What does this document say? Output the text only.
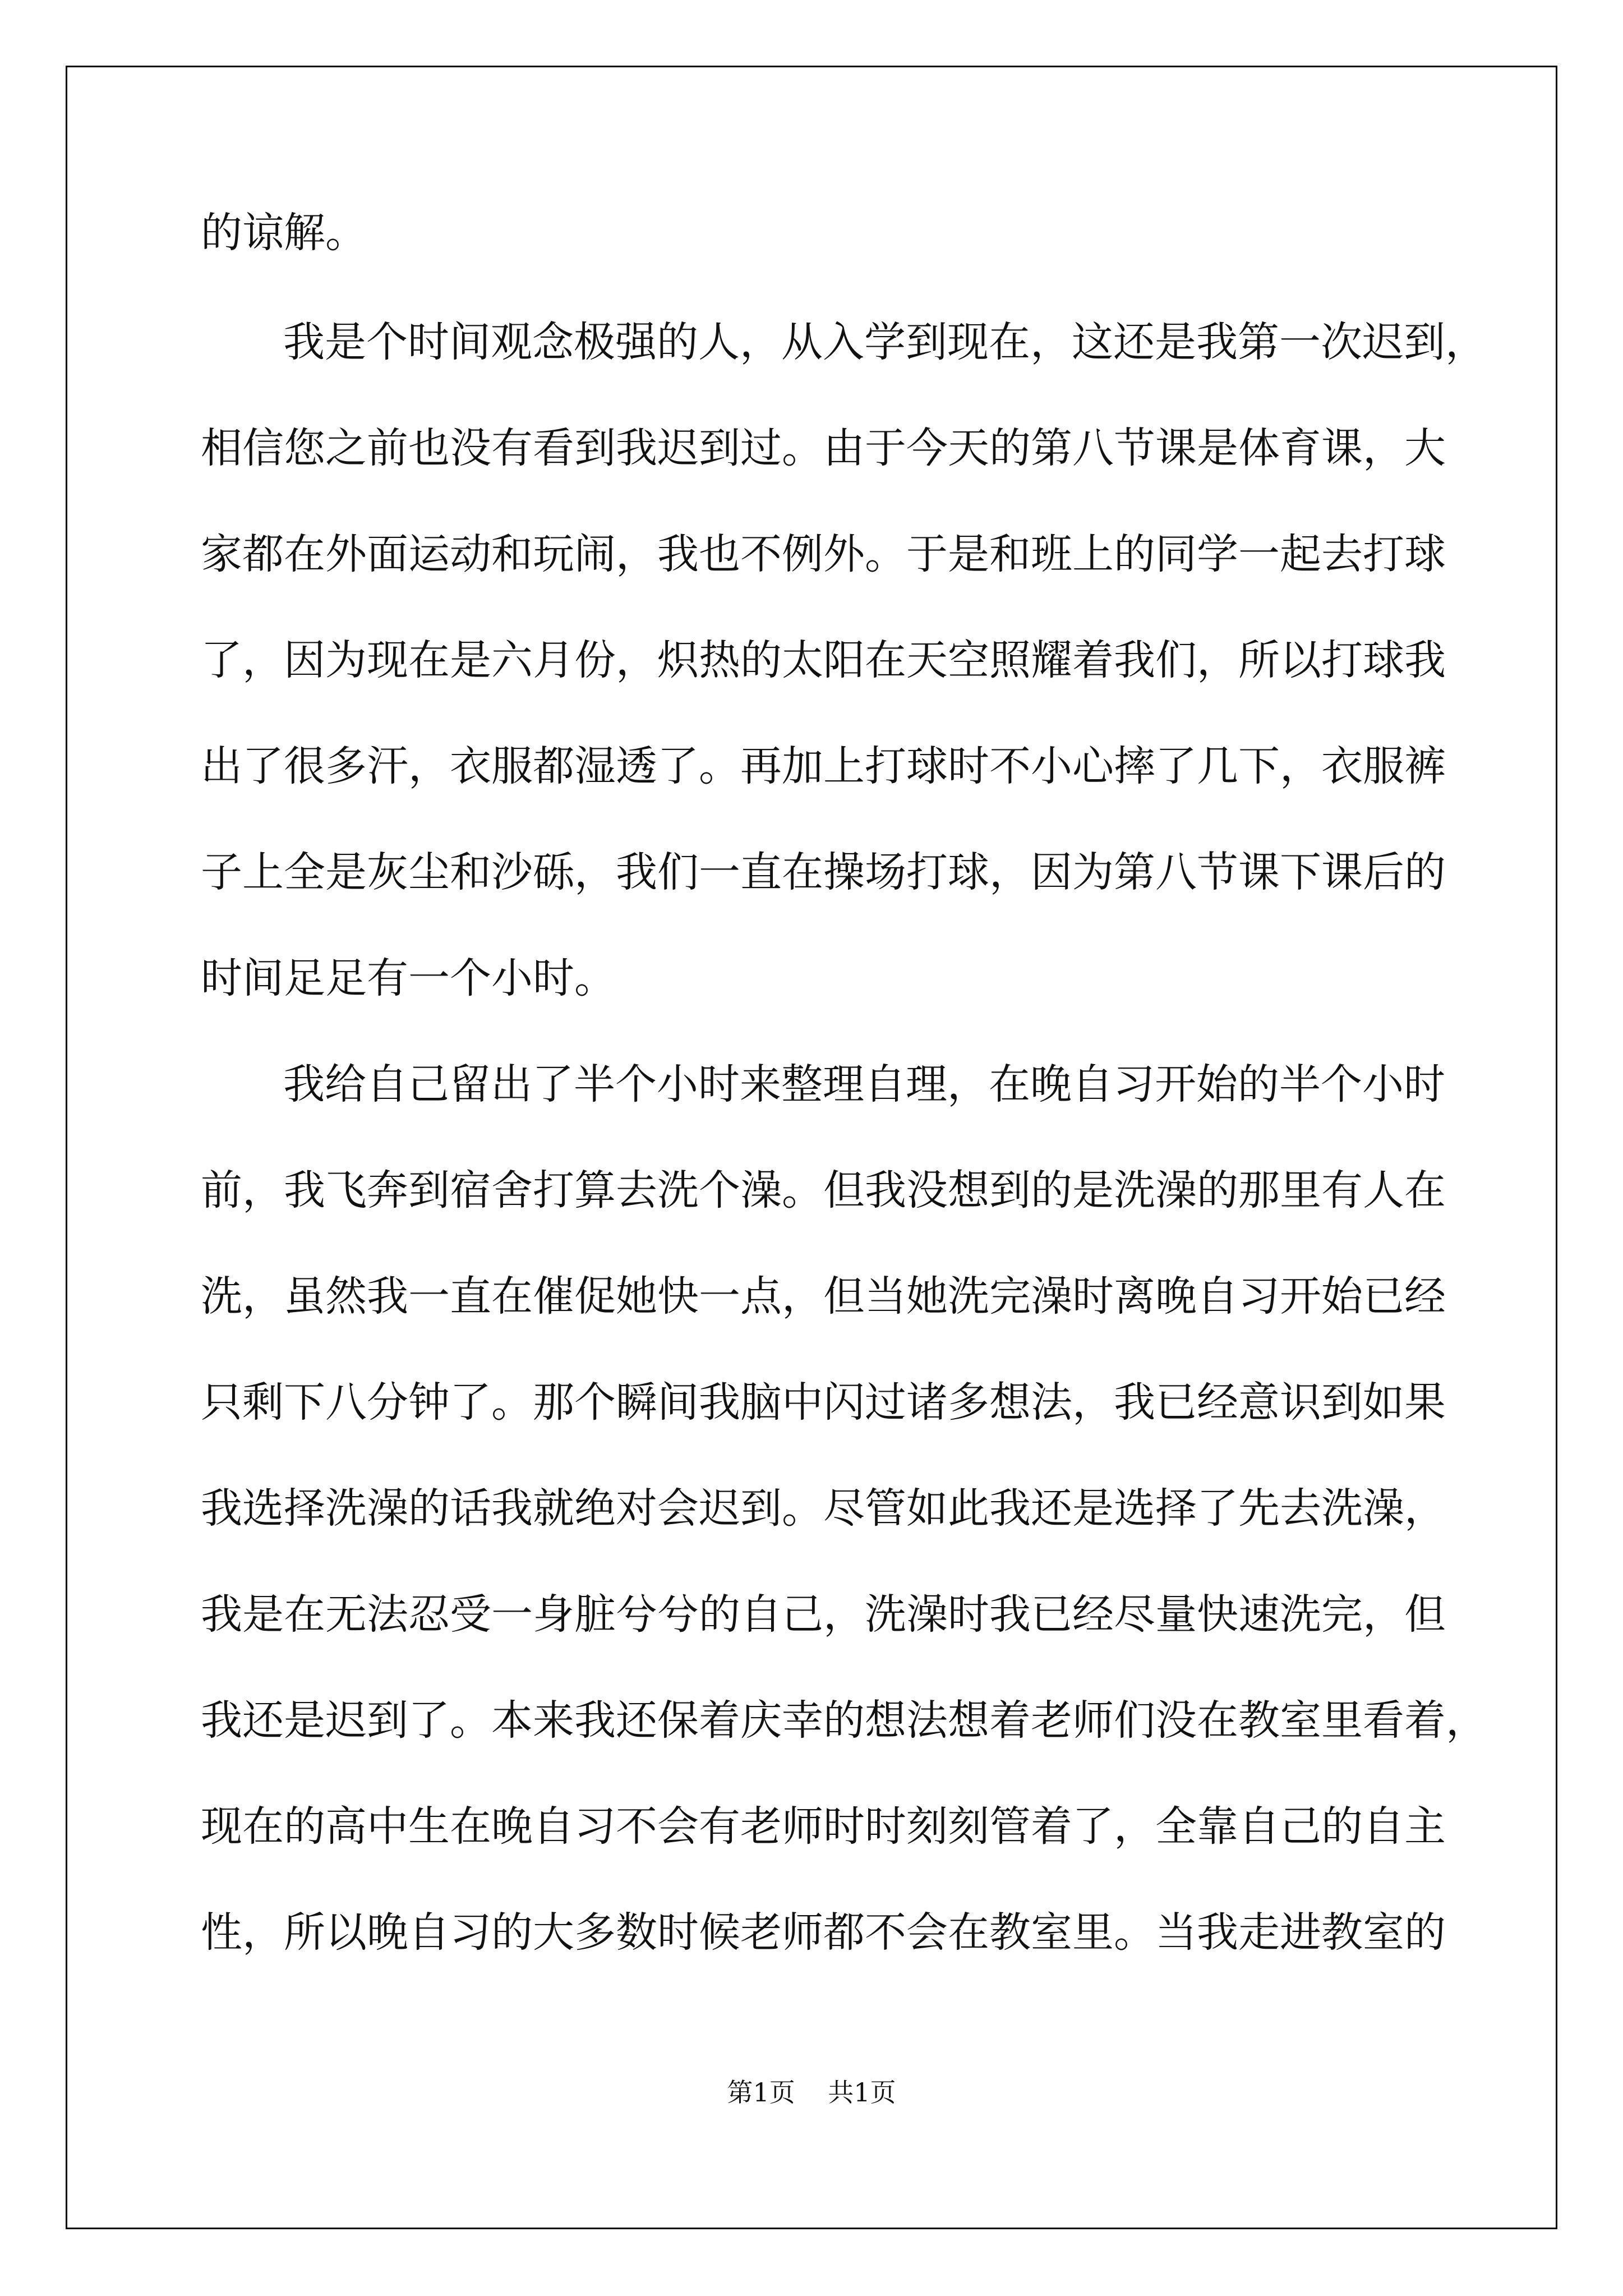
的谅解。

我是个时间观念极强的人，从入学到现在，这还是我第一次迟到，

相信您之前也没有看到我迟到过。由于今天的第八节课是体育课，大

家都在外面运动和玩闹，我也不例外。于是和班上的同学一起去打球

了，因为现在是六月份，炽热的太阳在天空照耀着我们，所以打球我

出了很多汗，衣服都湿透了。再加上打球时不小心摔了几下，衣服裤

子上全是灰尘和沙砾，我们一直在操场打球，因为第八节课下课后的

时间足足有一个小时。

我给自己留出了半个小时来整理自理，在晚自习开始的半个小时

前，我飞奔到宿舍打算去洗个澡。但我没想到的是洗澡的那里有人在

洗，虽然我一直在催促她快一点，但当她洗完澡时离晚自习开始已经

只剩下八分钟了。那个瞬间我脑中闪过诸多想法，我已经意识到如果

我选择洗澡的话我就绝对会迟到。尽管如此我还是选择了先去洗澡，

我是在无法忍受一身脏兮兮的自己，洗澡时我已经尽量快速洗完，但

我还是迟到了。本来我还保着庆幸的想法想着老师们没在教室里看着，

现在的高中生在晚自习不会有老师时时刻刻管着了，全靠自己的自主

性，所以晚自习的大多数时候老师都不会在教室里。当我走进教室的

第1页 共1页
